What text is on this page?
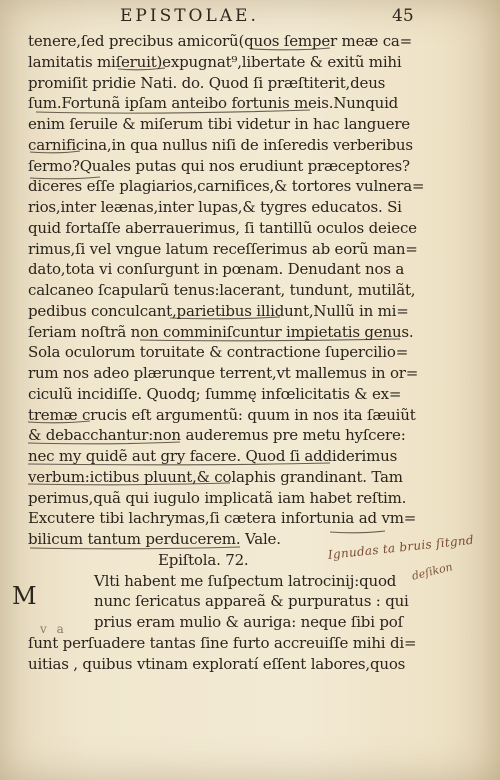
EPISTOLAE.	45
tenere,ſed precibus amicorũ(quos ſemper meæ ca=
lamitatis miſeruit)expugnat⁹,libertate & exitũ mihi
promiſit pridie Nati. do. Quod ſi præſtiterit,deus
ſum.Fortunã ipſam anteibo fortunis meis.Nunquid
enim ſeruile & miſerum tibi videtur in hac languere
carnificina,in qua nullus niſi de inſeredis verberibus
ſermo?Quales putas qui nos erudiunt præceptores?
diceres eſſe plagiarios,carnifices,& tortores vulnera=
rios,inter leænas,inter lupas,& tygres educatos. Si
quid fortaſſe aberrauerimus, ſi tantillũ oculos deiece
rimus,ſi vel vngue latum receſſerimus ab eorũ man=
dato,tota vi conſurgunt in pœnam. Denudant nos a
calcaneo ſcapularũ tenus:lacerant, tundunt, mutilãt,
pedibus conculcant,parietibus illidunt,Nullũ in mi=
ſeriam noſtrã non comminiſcuntur impietatis genus.
Sola oculorum toruitate & contractione ſupercilio=
rum nos adeo plærunque terrent,vt mallemus in or=
ciculũ incidiſſe. Quodq; ſummę infœlicitatis & ex=
tremæ crucis eſt argumentũ: quum in nos ita ſæuiũt
& debacchantur:non auderemus pre metu hyſcere:
nec my quidẽ aut gry facere. Quod ſi addiderimus
verbum:ictibus pluunt,& colaphis grandinant. Tam
perimus,quã qui iugulo implicatã iam habet reſtim.
Excutere tibi lachrymas,ſi cætera infortunia ad vm=
bilicum tantum perducerem. Vale.
Epiſtola. 72.
Vlti habent me ſuſpectum latrocinij:quod
nunc ſericatus appareã & purpuratus : qui
prius eram mulio & auriga: neque ſibi poſ
ſunt perſuadere tantas ſine furto accreuiſſe mihi di=
uitias , quibus vtinam exploratí eſſent labores,quos
M
v a
Ignudas ta bruis ſitgnd
deſikon
